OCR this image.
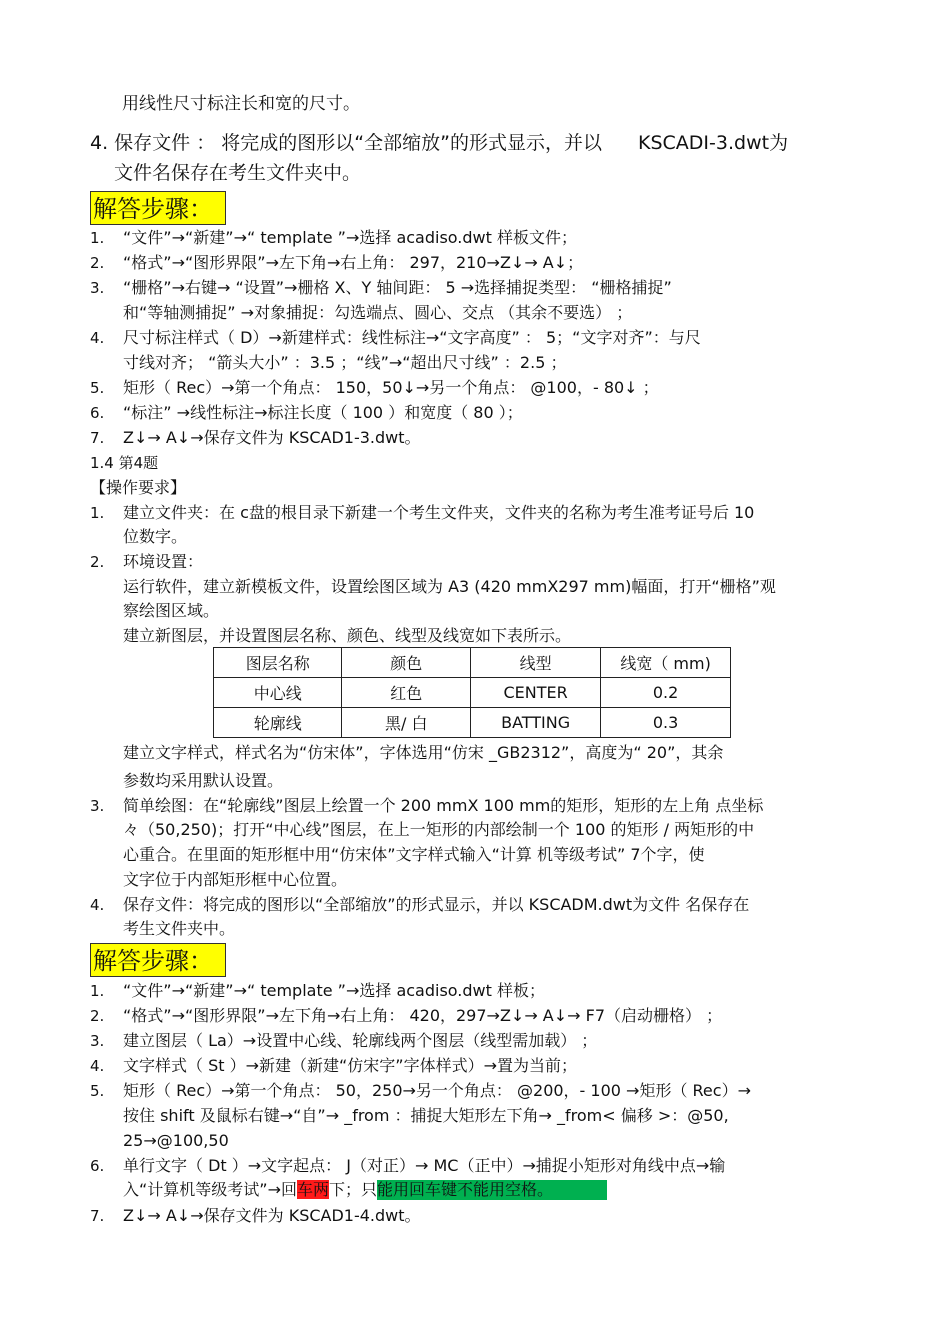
用线性尺寸标注长和宽的尺寸。
4. 保存文件 ： 将完成的图形以“全部缩放”的形式显示，并以 KSCADI-3.dwt为
文件名保存在考生文件夹中。
解答步骤：
1. “文件”→“新建”→“ template ”→选择 acadiso.dwt 样板文件；
2. “格式”→“图形界限”→左下角→右上角： 297，210→Z↓→ A↓；
3. “栅格”→右键→ “设置”→栅格 X、Y 轴间距： 5 →选择捕捉类型： “栅格捕捉”
和“等轴测捕捉” →对象捕捉：勾选端点、圆心、交点 （其余不要选） ；
4. 尺寸标注样式（ D）→新建样式：线性标注→“文字高度” ： 5；“文字对齐”：与尺
寸线对齐； “箭头大小” ：3.5 ；“线”→“超出尺寸线” ：2.5 ；
5. 矩形（ Rec）→第一个角点： 150，50↓→另一个角点： @100，- 80↓ ；
6. “标注” →线性标注→标注长度（ 100 ）和宽度（ 80 ）；
7. Z↓→ A↓→保存文件为 KSCAD1-3.dwt。
1.4 第4题
【操作要求】
1. 建立文件夹：在 c盘的根目录下新建一个考生文件夹，文件夹的名称为考生准考证号后 10
位数字。
2. 环境设置：
运行软件，建立新模板文件，设置绘图区域为 A3 (420 mmX297 mm)幅面，打开“栅格”观
察绘图区域。
建立新图层，并设置图层名称、颜色、线型及线宽如下表所示。
图层名称	颜色	线型	线宽（ mm)
中心线	红色	CENTER	0.2
轮廓线	黑/ 白	BATTING	0.3
建立文字样式，样式名为“仿宋体”，字体选用“仿宋 _GB2312”，高度为“ 20”，其余
参数均采用默认设置。
3. 简单绘图：在“轮廓线”图层上绘置一个 200 mmX 100 mm的矩形，矩形的左上角 点坐标
々（50,250)；打开“中心线”图层，在上一矩形的内部绘制一个 100 的矩形 / 两矩形的中
心重合。在里面的矩形框中用“仿宋体”文字样式输入“计算 机等级考试” 7个字，使
文字位于内部矩形框中心位置。
4. 保存文件：将完成的图形以“全部缩放”的形式显示，并以 KSCADM.dwt为文件 名保存在
考生文件夹中。
解答步骤：
1. “文件”→“新建”→“ template ”→选择 acadiso.dwt 样板；
2. “格式”→“图形界限”→左下角→右上角： 420，297→Z↓→ A↓→ F7（启动栅格） ；
3. 建立图层（ La）→设置中心线、轮廓线两个图层（线型需加载） ；
4. 文字样式（ St ）→新建（新建“仿宋字”字体样式）→置为当前；
5. 矩形（ Rec）→第一个角点： 50，250→另一个角点： @200，- 100 →矩形（ Rec）→
按住 shift 及鼠标右键→“自”→ _from ：捕捉大矩形左下角→ _from< 偏移 >：@50,
25→@100,50
6. 单行文字（ Dt ）→文字起点： J（对正）→ MC（正中）→捕捉小矩形对角线中点→输
入“计算机等级考试”→回车两下；只能用回车键不能用空格。
7. Z↓→ A↓→保存文件为 KSCAD1-4.dwt。
